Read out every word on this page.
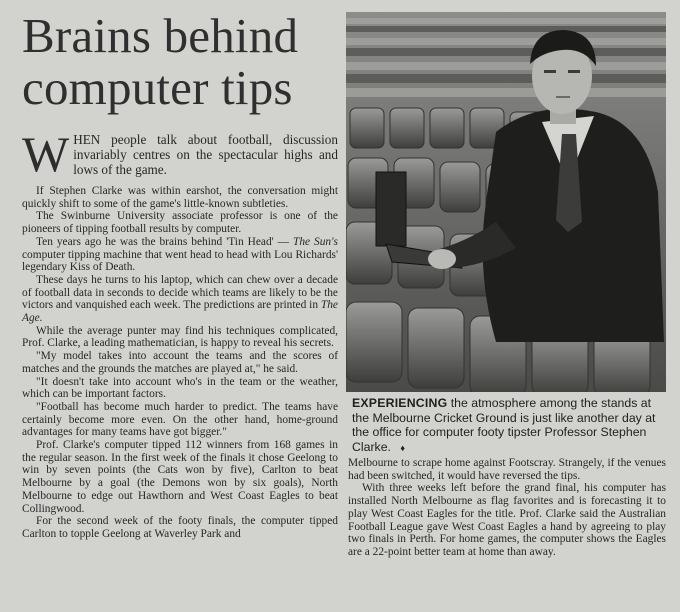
Brains behind
computer tips

WHEN people talk about football, discussion invariably centres on the spectacular highs and lows of the game.

If Stephen Clarke was within earshot, the conversation might quickly shift to some of the game's little-known subtleties.

The Swinburne University associate professor is one of the pioneers of tipping football results by computer.

Ten years ago he was the brains behind 'Tin Head' — The Sun's computer tipping machine that went head to head with Lou Richards' legendary Kiss of Death.

These days he turns to his laptop, which can chew over a decade of football data in seconds to decide which teams are likely to be the victors and vanquished each week. The predictions are printed in The Age.

While the average punter may find his techniques complicated, Prof. Clarke, a leading mathematician, is happy to reveal his secrets.

"My model takes into account the teams and the scores of matches and the grounds the matches are played at," he said.

"It doesn't take into account who's in the team or the weather, which can be important factors.

"Football has become much harder to predict. The teams have certainly become more even. On the other hand, home-ground advantages for many teams have got bigger."

Prof. Clarke's computer tipped 112 winners from 168 games in the regular season. In the first week of the finals it chose Geelong to win by seven points (the Cats won by five), Carlton to beat Melbourne by a goal (the Demons won by six goals), North Melbourne to edge out Hawthorn and West Coast Eagles to beat Collingwood.

For the second week of the footy finals, the computer tipped Carlton to topple Geelong at Waverley Park and

EXPERIENCING the atmosphere among the stands at the Melbourne Cricket Ground is just like another day at the office for computer footy tipster Professor Stephen Clarke. ♦

Melbourne to scrape home against Footscray. Strangely, if the venues had been switched, it would have reversed the tips.

With three weeks left before the grand final, his computer has installed North Melbourne as flag favorites and is forecasting it to play West Coast Eagles for the title. Prof. Clarke said the Australian Football League gave West Coast Eagles a hand by agreeing to play two finals in Perth. For home games, the computer shows the Eagles are a 22-point better team at home than away.
